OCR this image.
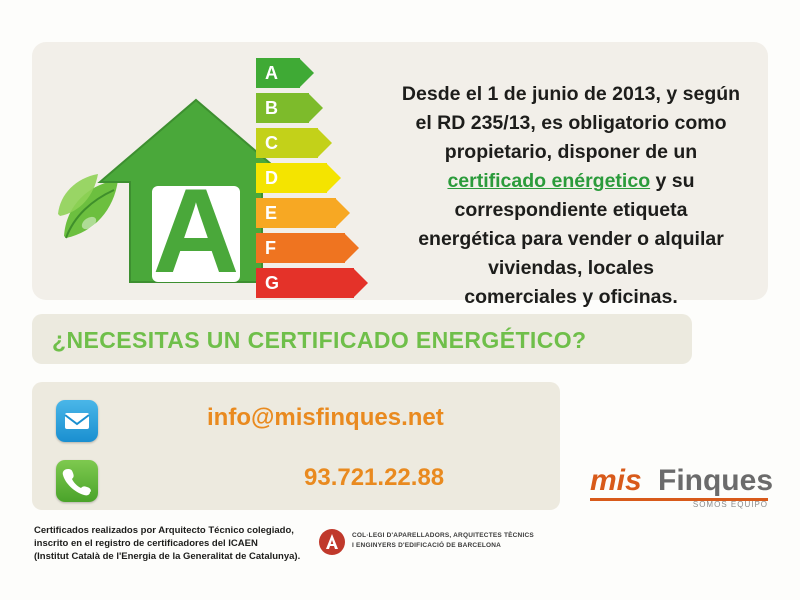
A
A
B
C
D
E
F
G
Desde el 1 de junio de 2013, y según
el RD 235/13, es obligatorio como
propietario, disponer de un
certificado enérgetico y su
correspondiente etiqueta
energética para vender o alquilar
viviendas, locales
comerciales y oficinas.
¿NECESITAS UN CERTIFICADO ENERGÉTICO?
info@misfinques.net
93.721.22.88	mis Finques
SOMOS EQUIPO
Certificados realizados por Arquitecto Técnico colegiado,
inscrito en el registro de certificadores del ICAEN
(Institut Català de l'Energia de la Generalitat de Catalunya).
COL·LEGI D'APARELLADORS, ARQUITECTES TÈCNICS
I ENGINYERS D'EDIFICACIÓ DE BARCELONA
